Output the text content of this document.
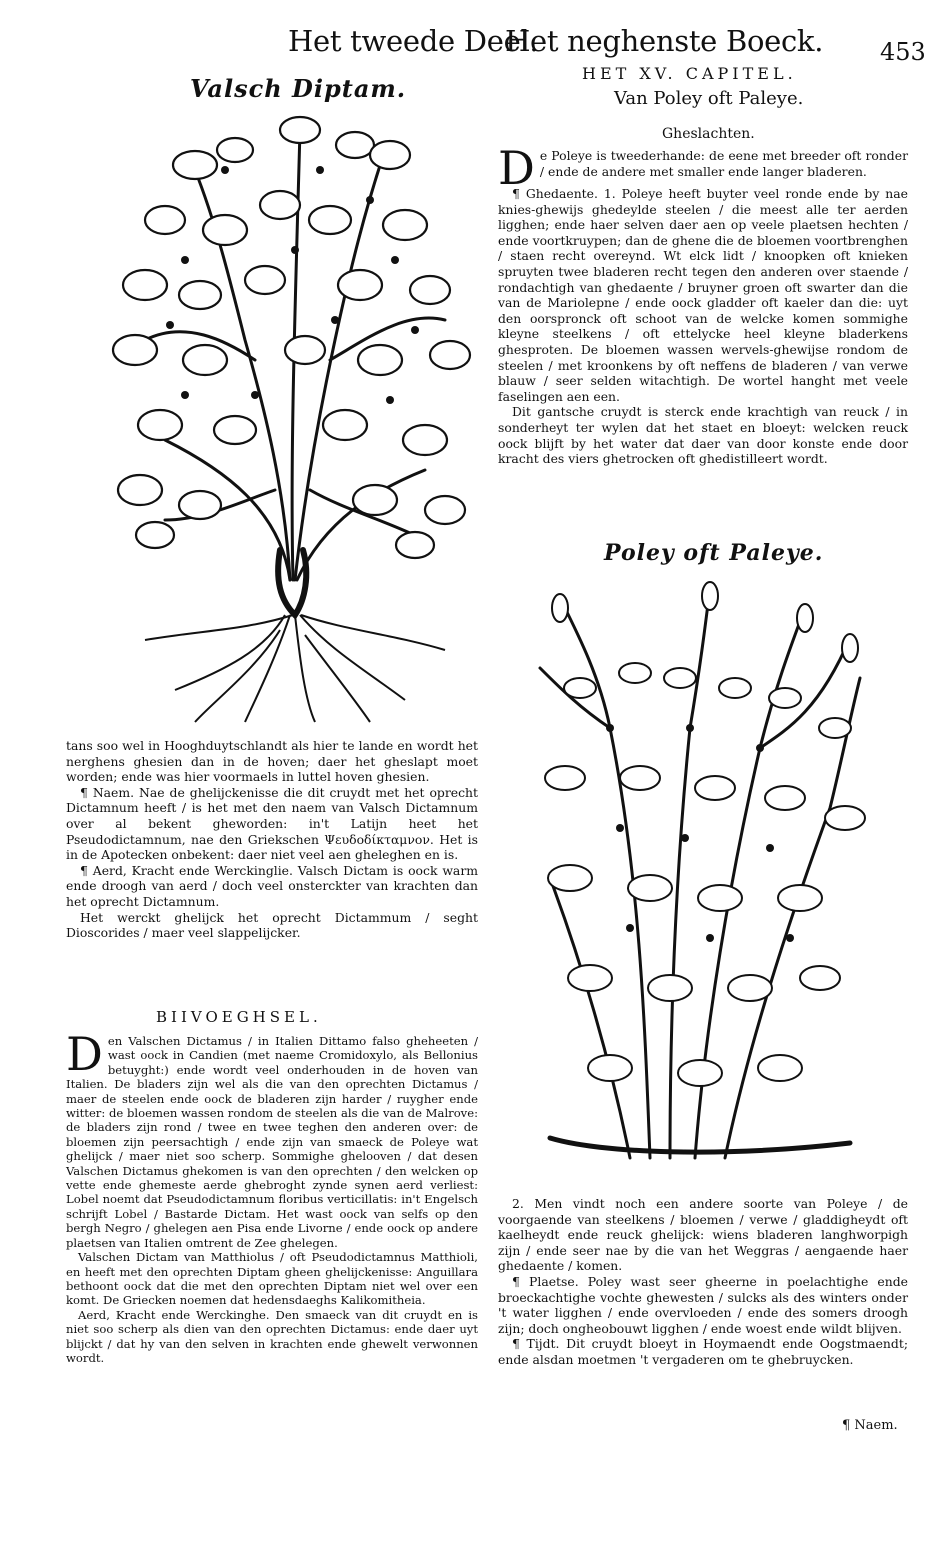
Het tweede Deel.
Het neghenste Boeck. 453
Valsch Diptam.

tans soo wel in Hooghduytschlandt als hier te lande en wordt het nerghens ghesien dan in de hoven; daer het gheslapt moet worden; ende was hier voormaels in luttel hoven ghesien.

¶ Naem. Nae de ghelijckenisse die dit cruydt met het oprecht Dictamnum heeft / is het met den naem van Valsch Dictamnum over al bekent gheworden: in't Latijn heet het Pseudodictamnum, nae den Griekschen Ψευδοδίκταμνον. Het is in de Apotecken onbekent: daer niet veel aen gheleghen en is.

¶ Aerd, Kracht ende Werckinglie. Valsch Dictam is oock warm ende droogh van aerd / doch veel onsterckter van krachten dan het oprecht Dictamnum.

Het werckt ghelijck het oprecht Dictammum / seght Dioscorides / maer veel slappelijcker.

BIIVOEGHSEL.

Den Valschen Dictamus / in Italien Dittamo falso gheheeten / wast oock in Candien (met naeme Cromidoxylo, als Bellonius betuyght:) ende wordt veel onderhouden in de hoven van Italien. De bladers zijn wel als die van den oprechten Dictamus / maer de steelen ende oock de bladeren zijn harder / ruygher ende witter: de bloemen wassen rondom de steelen als die van de Malrove: de bladers zijn rond / twee en twee teghen den anderen over: de bloemen zijn peersachtigh / ende zijn van smaeck de Poleye wat ghelijck / maer niet soo scherp. Sommighe ghelooven / dat desen Valschen Dictamus ghekomen is van den oprechten / den welcken op vette ende ghemeste aerde ghebroght zynde synen aerd verliest: Lobel noemt dat Pseudodictamnum floribus verticillatis: in't Engelsch schrijft Lobel / Bastarde Dictam. Het wast oock van selfs op den bergh Negro / ghelegen aen Pisa ende Livorne / ende oock op andere plaetsen van Italien omtrent de Zee ghelegen.

Valschen Dictam van Matthiolus / oft Pseudodictamnus Matthioli, en heeft met den oprechten Diptam gheen ghelijckenisse: Anguillara bethoont oock dat die met den oprechten Diptam niet wel over een komt. De Griecken noemen dat hedensdaeghs Kalikomitheia.

Aerd, Kracht ende Werckinghe. Den smaeck van dit cruydt en is niet soo scherp als dien van den oprechten Dictamus: ende daer uyt blijckt / dat hy van den selven in krachten ende ghewelt verwonnen wordt.

HET XV. CAPITEL.
Van Poley oft Paleye.
Gheslachten.

De Poleye is tweederhande: de eene met breeder oft ronder / ende de andere met smaller ende langer bladeren.

¶ Ghedaente. 1. Poleye heeft buyter veel ronde ende by nae knies-ghewijs ghedeylde steelen / die meest alle ter aerden ligghen; ende haer selven daer aen op veele plaetsen hechten / ende voortkruypen; dan de ghene die de bloemen voortbrenghen / staen recht overeynd. Wt elck lidt / knoopken oft knieken spruyten twee bladeren recht tegen den anderen over staende / rondachtigh van ghedaente / bruyner groen oft swarter dan die van de Mariolepne / ende oock gladder oft kaeler dan die: uyt den oorspronck oft schoot van de welcke komen sommighe kleyne steelkens / oft ettelycke heel kleyne bladerkens ghesproten. De bloemen wassen wervels-ghewijse rondom de steelen / met kroonkens by oft neffens de bladeren / van verwe blauw / seer selden witachtigh. De wortel hanght met veele faselingen aen een.

Dit gantsche cruydt is sterck ende krachtigh van reuck / in sonderheyt ter wylen dat het staet en bloeyt: welcken reuck oock blijft by het water dat daer van door konste ende door kracht des viers ghetrocken oft ghedistilleert wordt.

Poley oft Paleye.

2. Men vindt noch een andere soorte van Poleye / de voorgaende van steelkens / bloemen / verwe / gladdigheydt oft kaelheydt ende reuck ghelijck: wiens bladeren langhworpigh zijn / ende seer nae by die van het Weggras / aengaende haer ghedaente / komen.

¶ Plaetse. Poley wast seer gheerne in poelachtighe ende broeckachtighe vochte ghewesten / sulcks als des winters onder 't water ligghen / ende overvloeden / ende des somers droogh zijn; doch ongheobouwt ligghen / ende woest ende wildt blijven.

¶ Tijdt. Dit cruydt bloeyt in Hoymaendt ende Oogstmaendt; ende alsdan moetmen 't vergaderen om te ghebruycken.

¶ Naem.
